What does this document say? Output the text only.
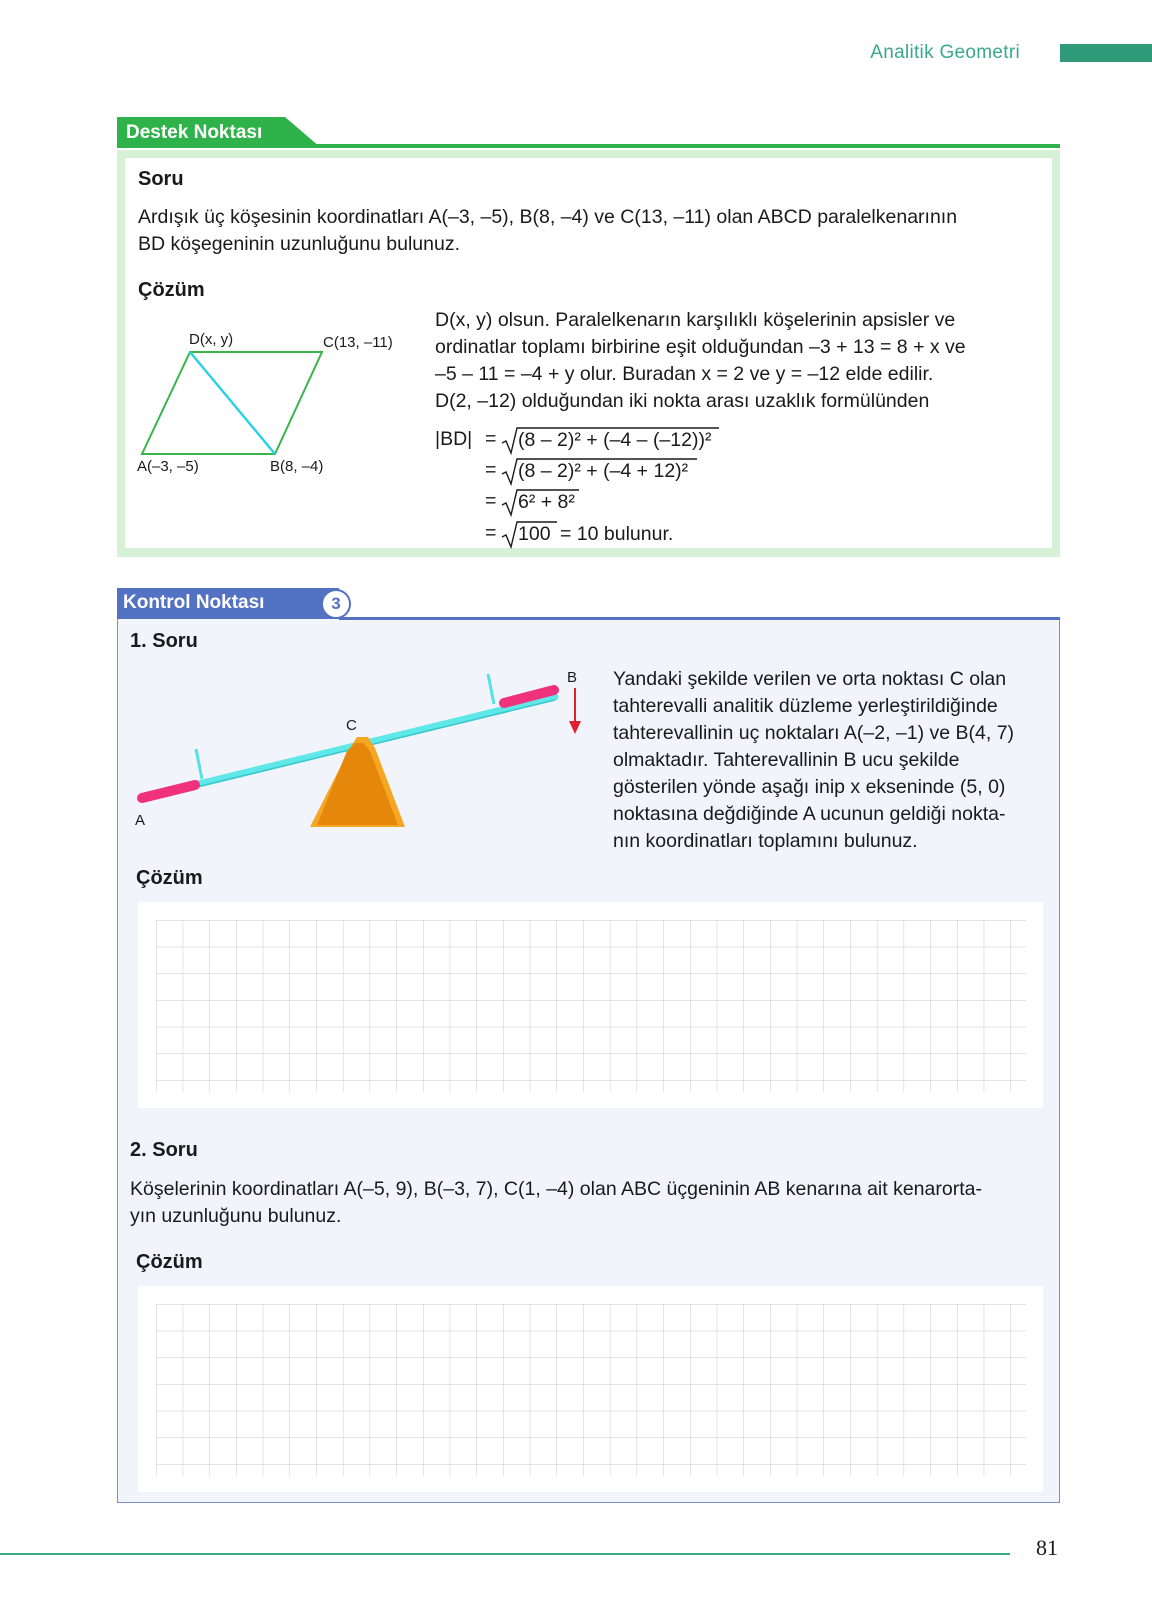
Analitik Geometri
Destek Noktası
Soru
Ardışık üç köşesinin koordinatları A(–3, –5), B(8, –4) ve C(13, –11) olan ABCD paralelkenarının
BD köşegeninin uzunluğunu bulunuz.
Çözüm
D(x, y)	C(13, –11)
A(–3, –5)	B(8, –4)
D(x, y) olsun. Paralelkenarın karşılıklı köşelerinin apsisler ve
ordinatlar toplamı birbirine eşit olduğundan –3 + 13 = 8 + x ve
–5 – 11 = –4 + y olur. Buradan x = 2 ve y = –12 elde edilir.
D(2, –12) olduğundan iki nokta arası uzaklık formülünden
|BD| = (8 – 2)² + (–4 – (–12))²
= (8 – 2)² + (–4 + 12)²
= 6² + 8²
= 100 = 10 bulunur.
Kontrol Noktası	3
1. Soru
B
C
A
Yandaki şekilde verilen ve orta noktası C olan
tahterevalli analitik düzleme yerleştirildiğinde
tahterevallinin uç noktaları A(–2, –1) ve B(4, 7)
olmaktadır. Tahterevallinin B ucu şekilde
gösterilen yönde aşağı inip x ekseninde (5, 0)
noktasına değdiğinde A ucunun geldiği nokta-
nın koordinatları toplamını bulunuz.
Çözüm
2. Soru
Köşelerinin koordinatları A(–5, 9), B(–3, 7), C(1, –4) olan ABC üçgeninin AB kenarına ait kenarorta-
yın uzunluğunu bulunuz.
Çözüm
81
